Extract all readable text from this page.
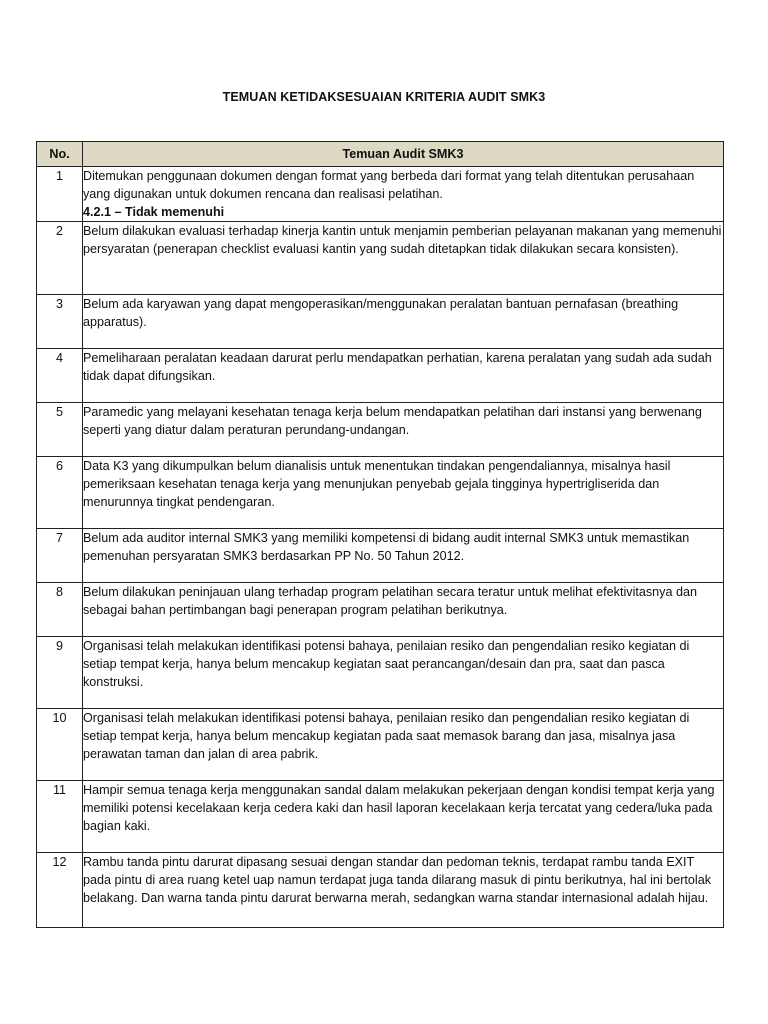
TEMUAN KETIDAKSESUAIAN KRITERIA AUDIT SMK3
No.	Temuan Audit SMK3
1	Ditemukan penggunaan dokumen dengan format yang berbeda dari format yang telah ditentukan perusahaan yang digunakan untuk dokumen rencana dan realisasi pelatihan.
4.2.1 – Tidak memenuhi

2	Belum dilakukan evaluasi terhadap kinerja kantin untuk menjamin pemberian pelayanan makanan yang memenuhi persyaratan (penerapan checklist evaluasi kantin yang sudah ditetapkan tidak dilakukan secara konsisten).

3	Belum ada karyawan yang dapat mengoperasikan/menggunakan peralatan bantuan pernafasan (breathing apparatus).

4	Pemeliharaan peralatan keadaan darurat perlu mendapatkan perhatian, karena peralatan yang sudah ada sudah tidak dapat difungsikan.

5	Paramedic yang melayani kesehatan tenaga kerja belum mendapatkan pelatihan dari instansi yang berwenang seperti yang diatur dalam peraturan perundang-undangan.

6	Data K3 yang dikumpulkan belum dianalisis untuk menentukan tindakan pengendaliannya, misalnya hasil pemeriksaan kesehatan tenaga kerja yang menunjukan penyebab gejala tingginya hypertrigliserida dan menurunnya tingkat pendengaran.

7	Belum ada auditor internal SMK3 yang memiliki kompetensi di bidang audit internal SMK3 untuk memastikan pemenuhan persyaratan SMK3 berdasarkan PP No. 50 Tahun 2012.

8	Belum dilakukan peninjauan ulang terhadap program pelatihan secara teratur untuk melihat efektivitasnya dan sebagai bahan pertimbangan bagi penerapan program pelatihan berikutnya.

9	Organisasi telah melakukan identifikasi potensi bahaya, penilaian resiko dan pengendalian resiko kegiatan di setiap tempat kerja, hanya belum mencakup kegiatan saat perancangan/desain dan pra, saat dan pasca konstruksi.

10	Organisasi telah melakukan identifikasi potensi bahaya, penilaian resiko dan pengendalian resiko kegiatan di setiap tempat kerja, hanya belum mencakup kegiatan pada saat memasok barang dan jasa, misalnya jasa perawatan taman dan jalan di area pabrik.

11	Hampir semua tenaga kerja menggunakan sandal dalam melakukan pekerjaan dengan kondisi tempat kerja yang memiliki potensi kecelakaan kerja cedera kaki dan hasil laporan kecelakaan kerja tercatat yang cedera/luka pada bagian kaki.

12	Rambu tanda pintu darurat dipasang sesuai dengan standar dan pedoman teknis, terdapat rambu tanda EXIT pada pintu di area ruang ketel uap namun terdapat juga tanda dilarang masuk di pintu berikutnya, hal ini bertolak belakang. Dan warna tanda pintu darurat berwarna merah, sedangkan warna standar internasional adalah hijau.
